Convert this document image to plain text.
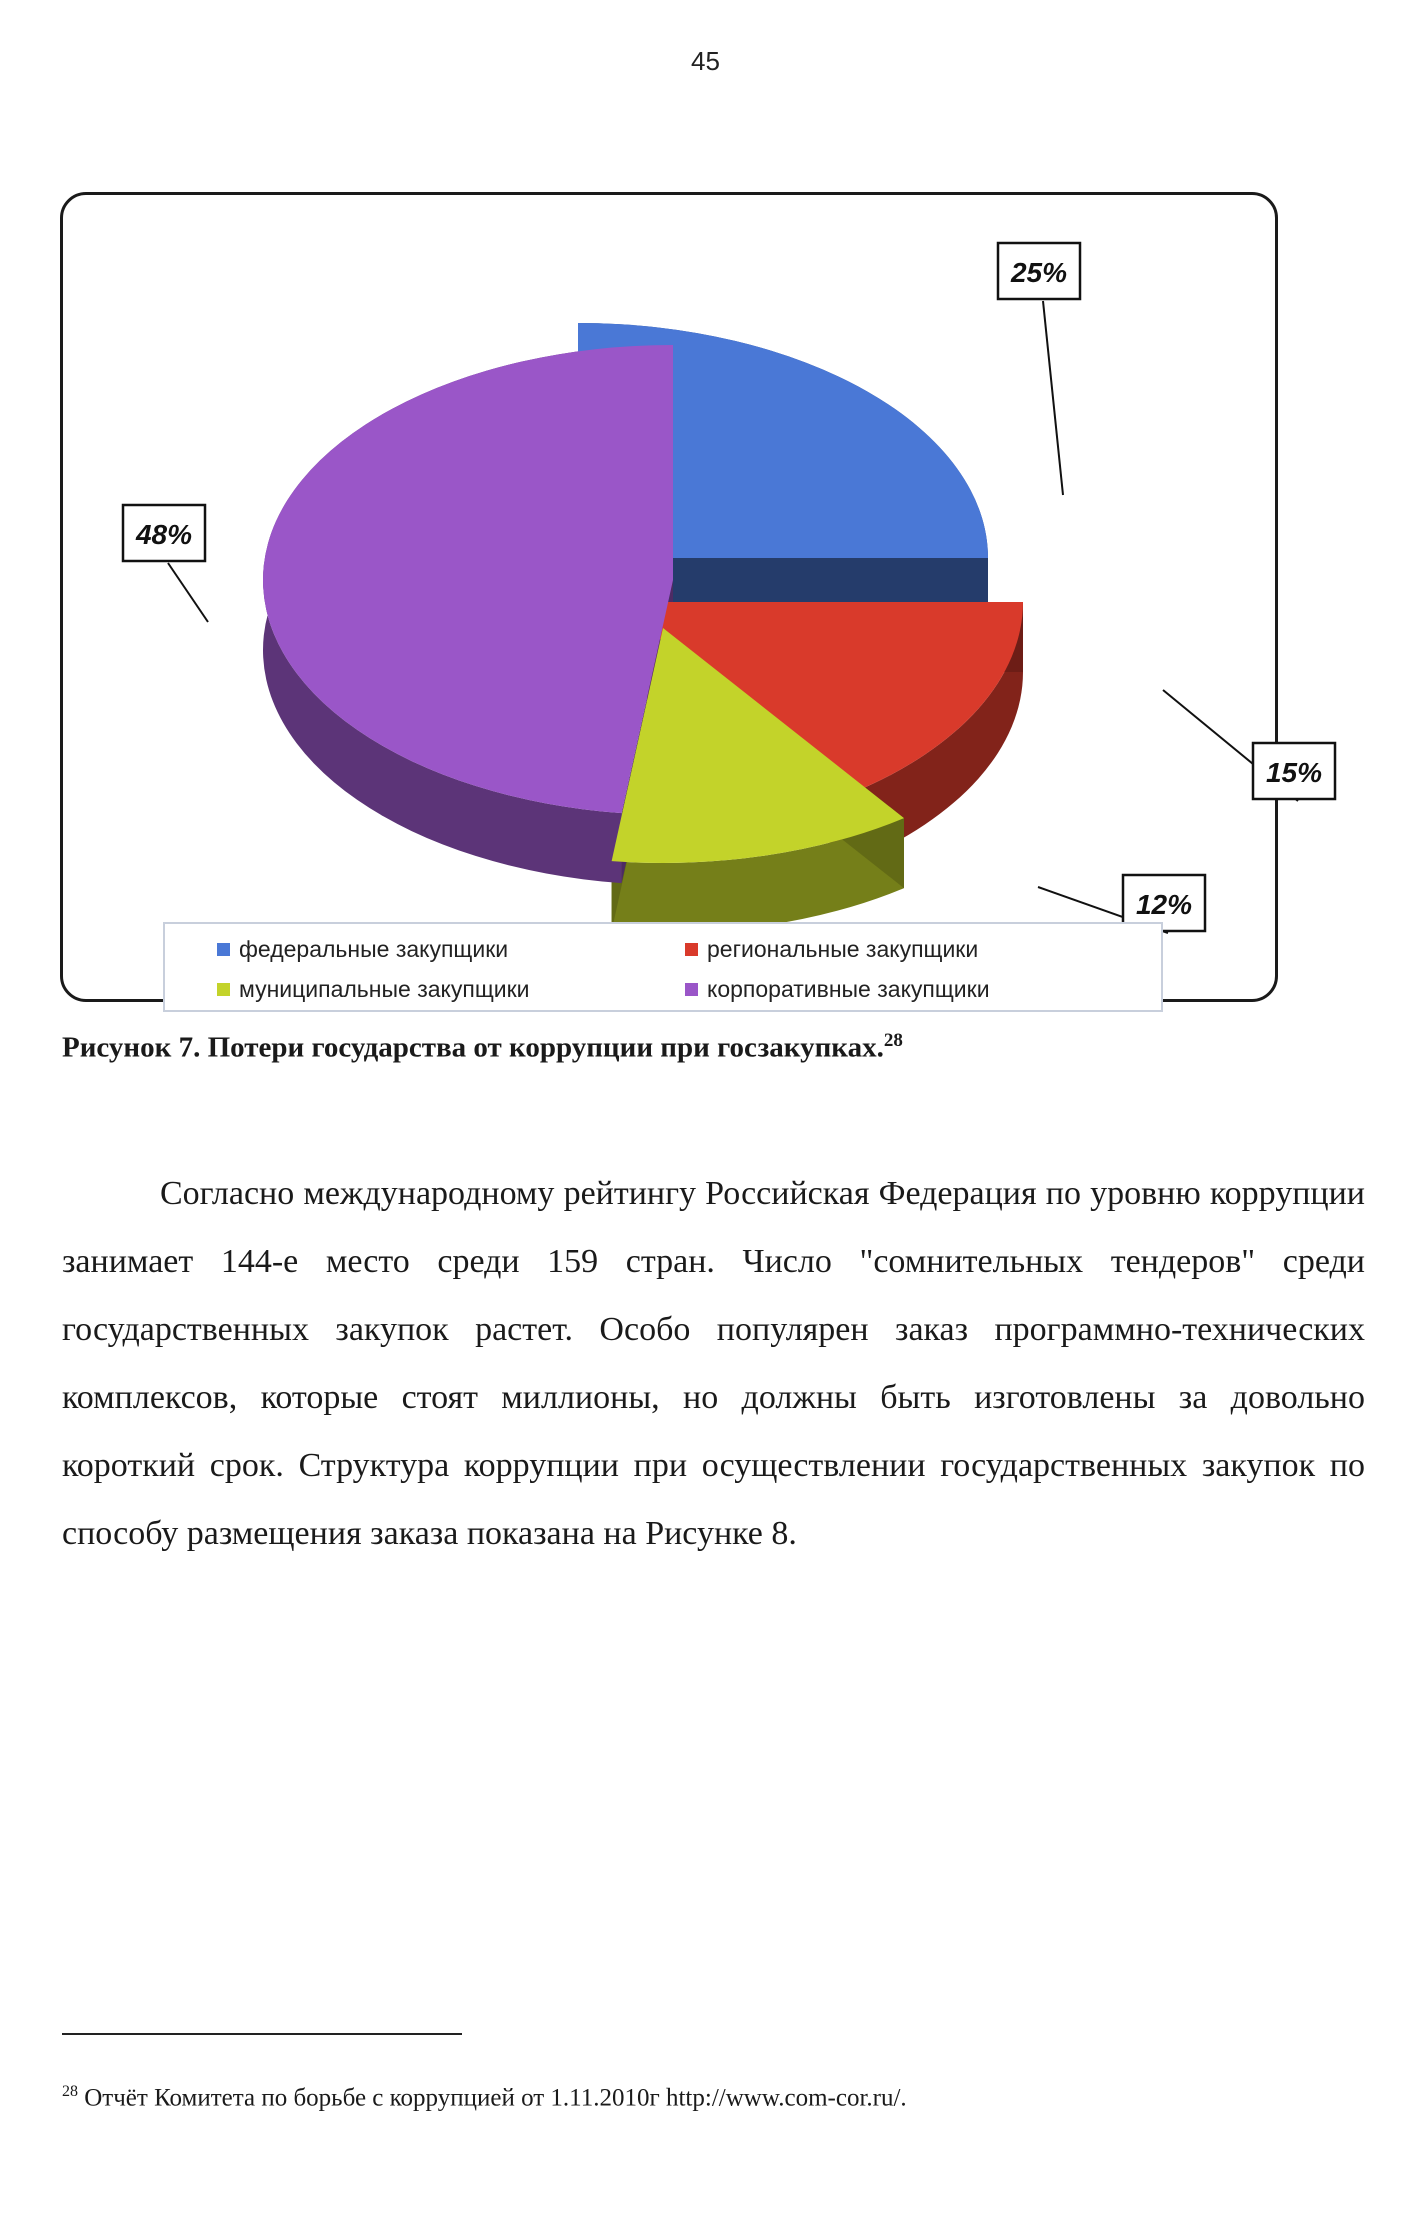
45
25%
15%
12%
48%
федеральные закупщики	региональные закупщики
муниципальные закупщики	корпоративные закупщики
Рисунок 7. Потери государства от коррупции при госзакупках.$^{28}$

Согласно международному рейтингу Российская Федерация по уровню коррупции занимает 144-е место среди 159 стран. Число "сомнительных тендеров" среди государственных закупок растет. Особо популярен заказ программно-технических комплексов, которые стоят миллионы, но должны быть изготовлены за довольно короткий срок. Структура коррупции при осуществлении государственных закупок по способу размещения заказа показана на Рисунке 8.

$^{28}$ Отчёт Комитета по борьбе с коррупцией от 1.11.2010г http://www.com-cor.ru/.
